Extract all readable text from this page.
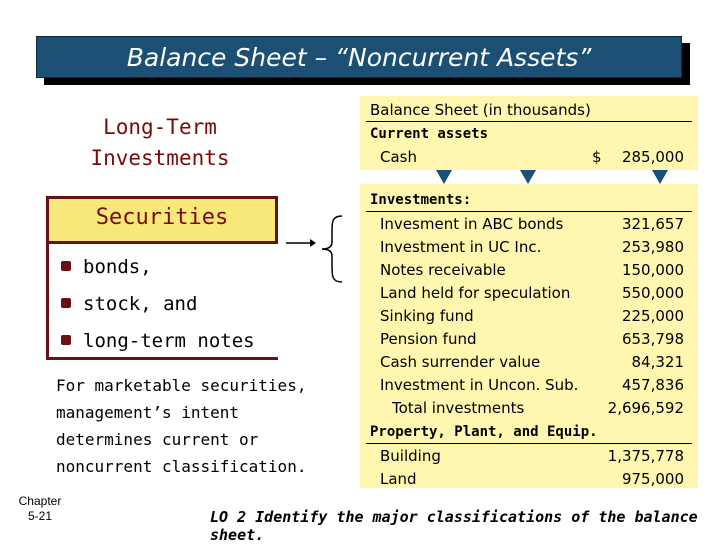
Balance Sheet – “Noncurrent Assets”
Long-Term
Investments
Securities
bonds,
stock, and
long-term notes
For marketable securities,
management’s intent
determines current or
noncurrent classification.
Balance Sheet (in thousands)
Current assets
Cash	$ 285,000
Investments:
Invesment in ABC bonds	321,657
Investment in UC Inc.	253,980
Notes receivable	150,000
Land held for speculation	550,000
Sinking fund	225,000
Pension fund	653,798
Cash surrender value	84,321
Investment in Uncon. Sub.	457,836
Total investments	2,696,592
Property, Plant, and Equip.
Building	1,375,778
Land	975,000
Chapter
5-21	LO 2 Identify the major classifications of the balance sheet.
